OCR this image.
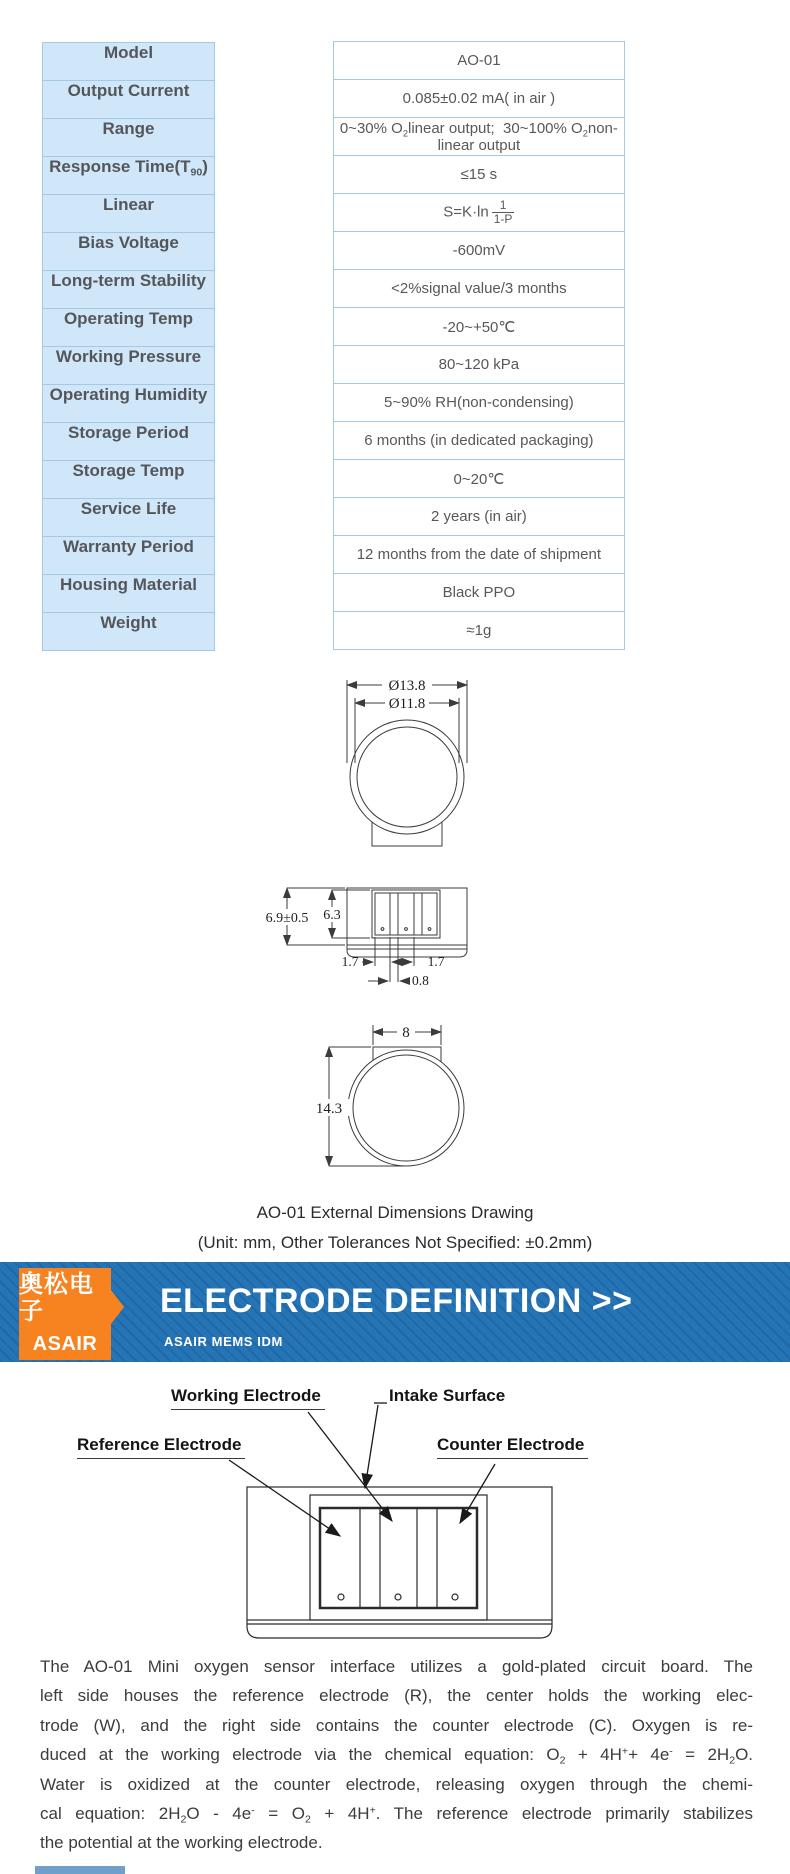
Model	AO-01

Output Current	0.085±0.02 mA( in air )

Range	0~30% $O_2linear$ output;  30~100% $O_2non$-linear output

Response $Time(T_{90})$	≤15 s

Linear	$S=K\cdot\ln \frac{1}{1-P}$

Bias Voltage	-600mV

Long-term Stability	<2%signal value/3 months

Operating Temp	-20~+50℃

Working Pressure	80~120 kPa

Operating Humidity	5~90% RH(non-condensing)

Storage Period	6 months (in dedicated packaging)

Storage Temp	0~20℃

Service Life	2 years (in air)

Warranty Period	12 months from the date of shipment

Housing Material	Black PPO

Weight	≈1g
Ø13.8
Ø11.8
6.9±0.5 6.3
1.7	1.7
0.8
8
14.3
AO-01 External Dimensions Drawing
(Unit: mm, Other Tolerances Not Specified: ±0.2mm)
奥松电子
ASAIR
ELECTRODE DEFINITION >>
ASAIR MEMS IDM
Working Electrode	Intake Surface
Reference Electrode	Counter Electrode
The AO-01 Mini oxygen sensor interface utilizes a gold-plated circuit board. The
left side houses the reference electrode (R), the center holds the working elec-
trode (W), and the right side contains the counter electrode (C). Oxygen is re-
duced at the working electrode via the chemical equation: $O_2 + 4H^++ 4e^- = 2H_2O$.
Water is oxidized at the counter electrode, releasing oxygen through the chemi-
cal equation: $2H_2O - 4e^- = O_2 + 4H^+$. The reference electrode primarily stabilizes
the potential at the working electrode.
